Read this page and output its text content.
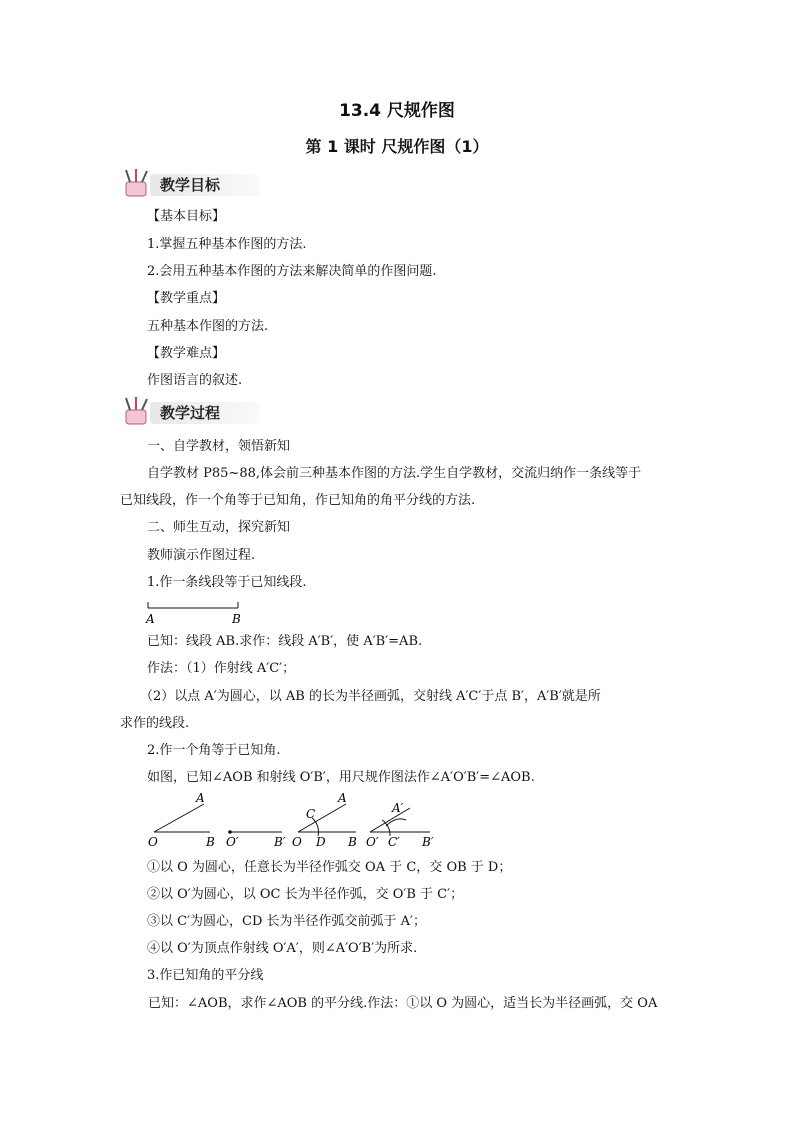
13.4 尺规作图
第 1 课时 尺规作图（1）
教学目标
【基本目标】
1.掌握五种基本作图的方法.
2.会用五种基本作图的方法来解决简单的作图问题.
【教学重点】
五种基本作图的方法.
【教学难点】
作图语言的叙述.
教学过程
一、自学教材，领悟新知
自学教材 P85~88,体会前三种基本作图的方法.学生自学教材，交流归纳作一条线等于
已知线段，作一个角等于已知角，作已知角的角平分线的方法.
二、师生互动，探究新知
教师演示作图过程.
1.作一条线段等于已知线段.
A	B
已知：线段 AB.求作：线段 A′B′，使 A′B′=AB.
作法：（1）作射线 A′C′；
（2）以点 A′为圆心，以 AB 的长为半径画弧，交射线 A′C′于点 B′，A′B′就是所
求作的线段.
2.作一个角等于已知角.
如图，已知∠AOB 和射线 O′B′，用尺规作图法作∠A′O′B′=∠AOB.
A
O	B O′	B′
C
A
O D B
A′
O′ C′ B′
①以 O 为圆心，任意长为半径作弧交 OA 于 C，交 OB 于 D；
②以 O′为圆心，以 OC 长为半径作弧，交 O′B 于 C′；
③以 C′为圆心，CD 长为半径作弧交前弧于 A′；
④以 O′为顶点作射线 O′A′，则∠A′O′B′为所求.
3.作已知角的平分线
已知：∠AOB，求作∠AOB 的平分线.作法：①以 O 为圆心，适当长为半径画弧，交 OA
